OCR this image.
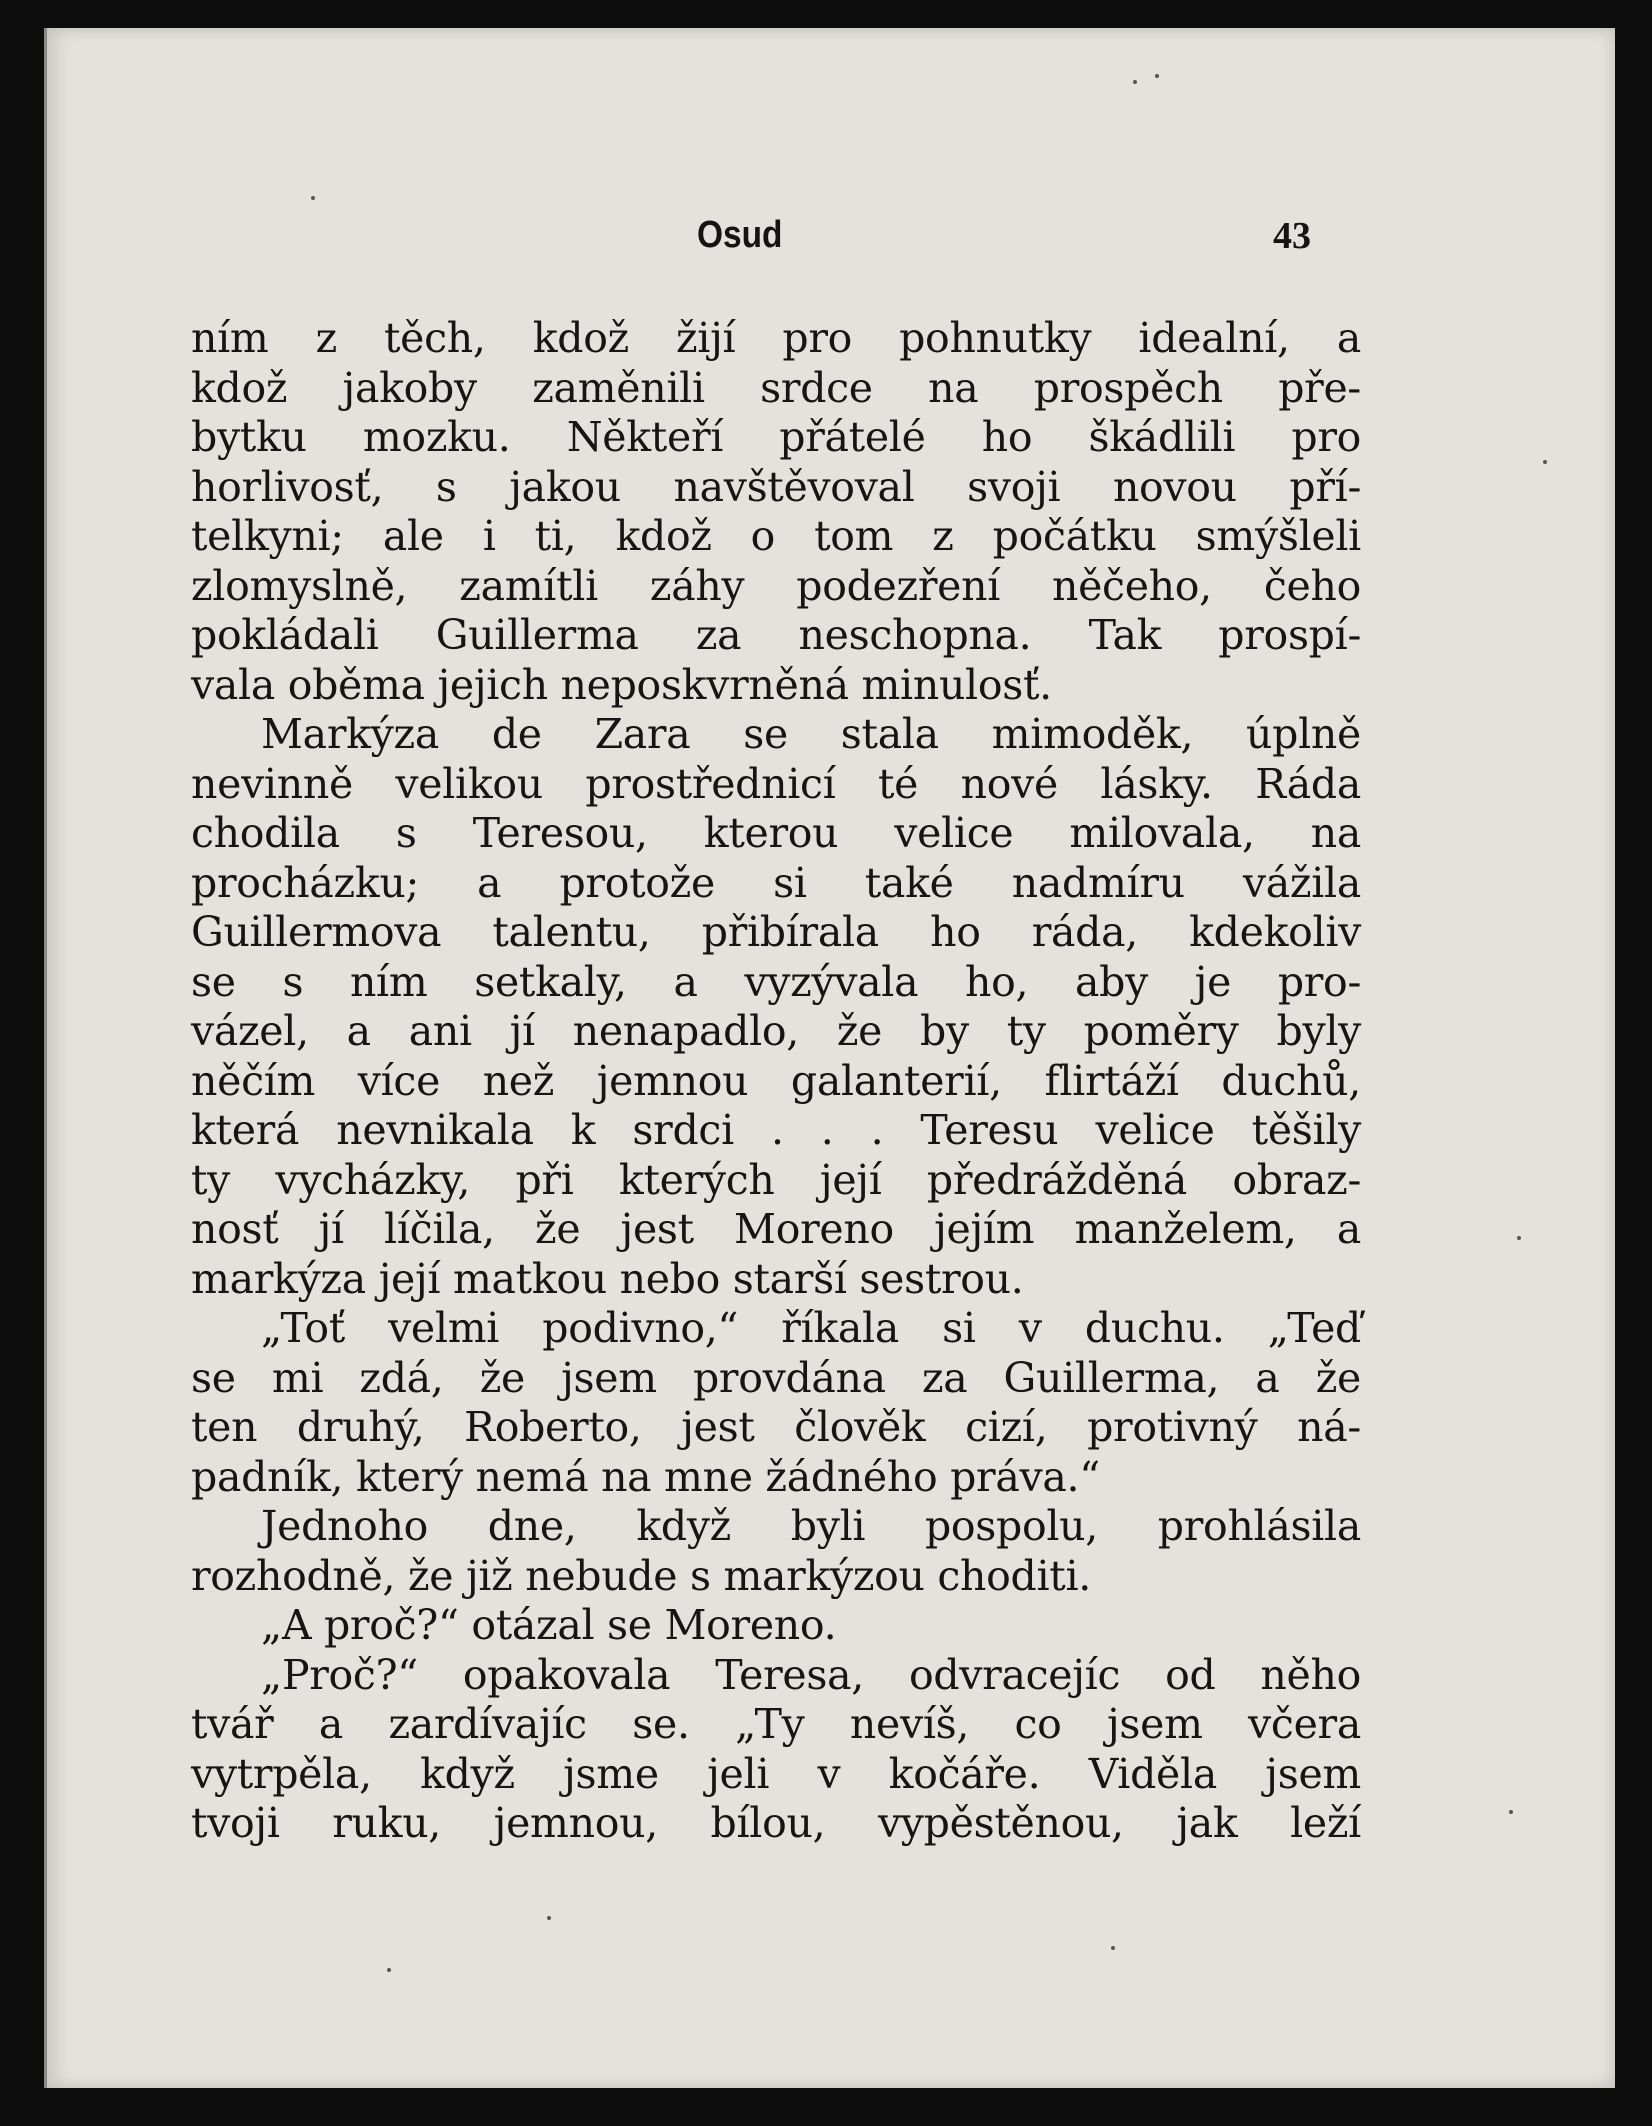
Osud	43
ním z těch, kdož žijí pro pohnutky idealní, a
kdož jakoby zaměnili srdce na prospěch pře-
bytku mozku. Někteří přátelé ho škádlili pro
horlivosť, s jakou navštěvoval svoji novou pří-
telkyni; ale i ti, kdož o tom z počátku smýšleli
zlomyslně, zamítli záhy podezření něčeho, čeho
pokládali Guillerma za neschopna. Tak prospí-
vala oběma jejich neposkvrněná minulosť.
Markýza de Zara se stala mimoděk, úplně
nevinně velikou prostřednicí té nové lásky. Ráda
chodila s Teresou, kterou velice milovala, na
procházku; a protože si také nadmíru vážila
Guillermova talentu, přibírala ho ráda, kdekoliv
se s ním setkaly, a vyzývala ho, aby je pro-
vázel, a ani jí nenapadlo, že by ty poměry byly
něčím více než jemnou galanterií, flirtáží duchů,
která nevnikala k srdci . . . Teresu velice těšily
ty vycházky, při kterých její předrážděná obraz-
nosť jí líčila, že jest Moreno jejím manželem, a
markýza její matkou nebo starší sestrou.
„Toť velmi podivno,“ říkala si v duchu. „Teď
se mi zdá, že jsem provdána za Guillerma, a že
ten druhý, Roberto, jest člověk cizí, protivný ná-
padník, který nemá na mne žádného práva.“
Jednoho dne, když byli pospolu, prohlásila
rozhodně, že již nebude s markýzou choditi.
„A proč?“ otázal se Moreno.
„Proč?“ opakovala Teresa, odvracejíc od něho
tvář a zardívajíc se. „Ty nevíš, co jsem včera
vytrpěla, když jsme jeli v kočáře. Viděla jsem
tvoji ruku, jemnou, bílou, vypěstěnou, jak leží
